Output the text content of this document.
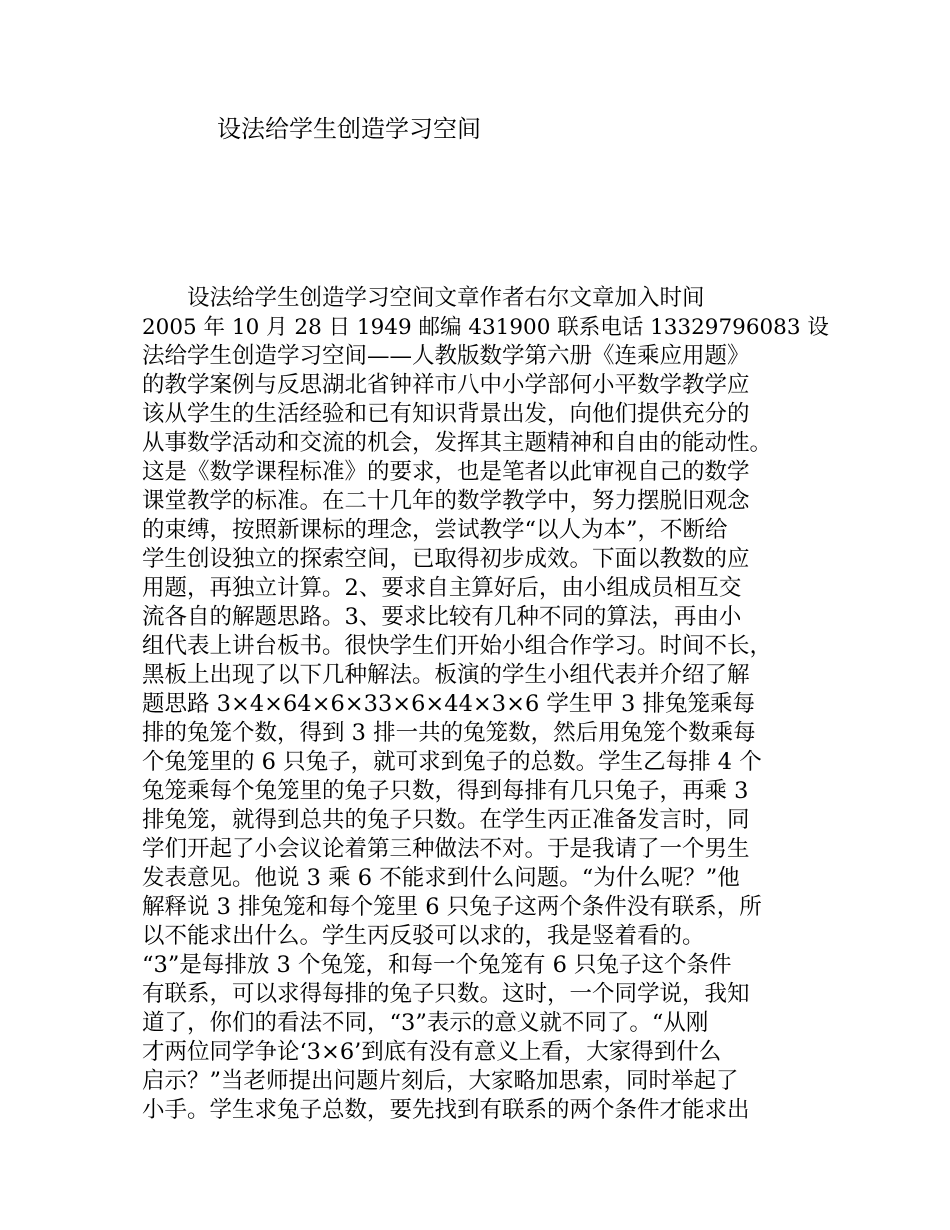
设法给学生创造学习空间
　　设法给学生创造学习空间文章作者右尔文章加入时间
2005 年 10 月 28 日 1949 邮编 431900 联系电话 13329796083 设
法给学生创造学习空间——人教版数学第六册《连乘应用题》
的教学案例与反思湖北省钟祥市八中小学部何小平数学教学应
该从学生的生活经验和已有知识背景出发，向他们提供充分的
从事数学活动和交流的机会，发挥其主题精神和自由的能动性。
这是《数学课程标准》的要求，也是笔者以此审视自己的数学
课堂教学的标准。在二十几年的数学教学中，努力摆脱旧观念
的束缚，按照新课标的理念，尝试教学“以人为本”，不断给
学生创设独立的探索空间，已取得初步成效。下面以教数的应
用题，再独立计算。2、要求自主算好后，由小组成员相互交
流各自的解题思路。3、要求比较有几种不同的算法，再由小
组代表上讲台板书。很快学生们开始小组合作学习。时间不长，
黑板上出现了以下几种解法。板演的学生小组代表并介绍了解
题思路 3×4×64×6×33×6×44×3×6 学生甲 3 排兔笼乘每
排的兔笼个数，得到 3 排一共的兔笼数，然后用兔笼个数乘每
个兔笼里的 6 只兔子，就可求到兔子的总数。学生乙每排 4 个
兔笼乘每个兔笼里的兔子只数，得到每排有几只兔子，再乘 3
排兔笼，就得到总共的兔子只数。在学生丙正准备发言时，同
学们开起了小会议论着第三种做法不对。于是我请了一个男生
发表意见。他说 3 乘 6 不能求到什么问题。“为什么呢？”他
解释说 3 排兔笼和每个笼里 6 只兔子这两个条件没有联系，所
以不能求出什么。学生丙反驳可以求的，我是竖着看的。
“3”是每排放 3 个兔笼，和每一个兔笼有 6 只兔子这个条件
有联系，可以求得每排的兔子只数。这时，一个同学说，我知
道了，你们的看法不同，“3”表示的意义就不同了。“从刚
才两位同学争论‘3×6’到底有没有意义上看，大家得到什么
启示？”当老师提出问题片刻后，大家略加思索，同时举起了
小手。学生求兔子总数，要先找到有联系的两个条件才能求出
